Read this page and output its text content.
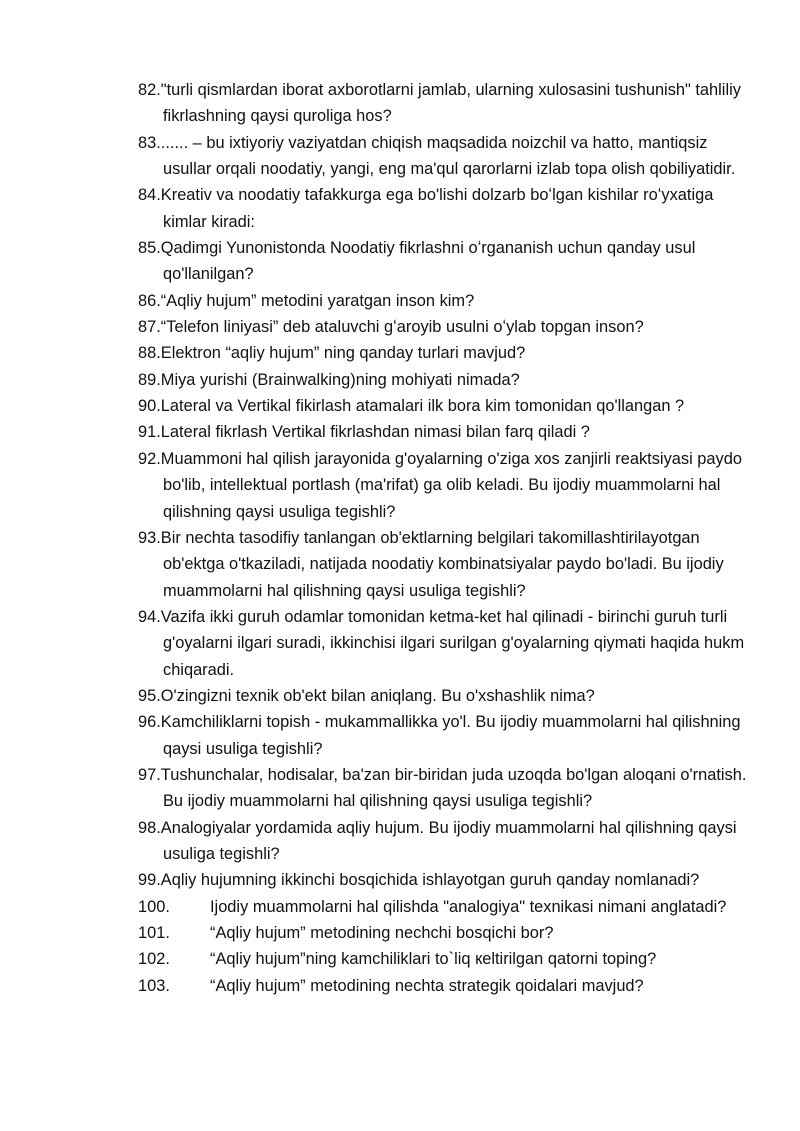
82."turli qismlardan iborat axborotlarni jamlab, ularning xulosasini tushunish" tahliliy fikrlashning qaysi quroliga hos?
83....... – bu ixtiyoriy vaziyatdan chiqish maqsadida noizchil va hatto, mantiqsiz usullar orqali noodatiy, yangi, eng ma'qul qarorlarni izlab topa olish qobiliyatidir.
84.Kreativ va noodatiy tafakkurga ega bo'lishi dolzarb boʻlgan kishilar roʻyxatiga kimlar kiradi:
85.Qadimgi Yunonistonda Noodatiy fikrlashni oʻrgananish uchun qanday usul qo'llanilgan?
86.“Aqliy hujum” metodini yaratgan inson kim?
87.“Telefon liniyasi” deb ataluvchi gʻaroyib usulni oʻylab topgan inson?
88.Elektron “aqliy hujum” ning qanday turlari mavjud?
89.Miya yurishi (Brainwalking)ning mohiyati nimada?
90.Lateral va Vertikal fikirlash atamalari ilk bora kim tomonidan qo'llangan ?
91.Lateral fikrlash Vertikal fikrlashdan nimasi bilan farq qiladi ?
92.Muammoni hal qilish jarayonida g'oyalarning o'ziga xos zanjirli reaktsiyasi paydo bo'lib, intellektual portlash (ma'rifat) ga olib keladi. Bu ijodiy muammolarni hal qilishning qaysi usuliga tegishli?
93.Bir nechta tasodifiy tanlangan ob'ektlarning belgilari takomillashtirilayotgan ob'ektga o'tkaziladi, natijada noodatiy kombinatsiyalar paydo bo'ladi. Bu ijodiy muammolarni hal qilishning qaysi usuliga tegishli?
94.Vazifa ikki guruh odamlar tomonidan ketma-ket hal qilinadi - birinchi guruh turli g'oyalarni ilgari suradi, ikkinchisi ilgari surilgan g'oyalarning qiymati haqida hukm chiqaradi.
95.O'zingizni texnik ob'ekt bilan aniqlang. Bu o'xshashlik nima?
96.Kamchiliklarni topish - mukammallikka yo'l. Bu ijodiy muammolarni hal qilishning qaysi usuliga tegishli?
97.Tushunchalar, hodisalar, ba'zan bir-biridan juda uzoqda bo'lgan aloqani o'rnatish. Bu ijodiy muammolarni hal qilishning qaysi usuliga tegishli?
98.Analogiyalar yordamida aqliy hujum. Bu ijodiy muammolarni hal qilishning qaysi usuliga tegishli?
99.Aqliy hujumning ikkinchi bosqichida ishlayotgan guruh qanday nomlanadi?
100. Ijodiy muammolarni hal qilishda "analogiya" texnikasi nimani anglatadi?
101. “Aqliy hujum” metodining nechchi bosqichi bor?
102. “Aqliy hujum”ning kamchiliklari to`liq кeltirilgan qatorni toping?
103. “Aqliy hujum” metodining nechta strategik qoidalari mavjud?
